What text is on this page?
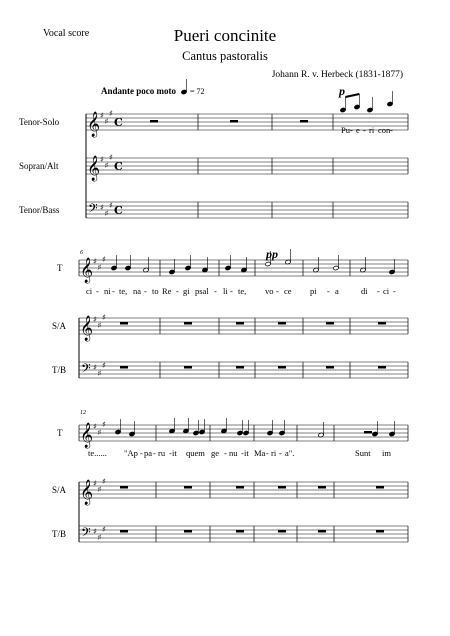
Vocal score	Pueri concinite
Cantus pastoralis
Johann R. v. Herbeck (1831-1877)
Andante poco moto = 72
Tenor-Solo
Sopran/Alt
Tenor/Bass
6
T
S/A
T/B
12
T
S/A
T/B
p
pp
Pu - e - ri con -
ci - ni - te, na - to Re - gi psal - li - te, vo - ce pi - a	di - ci -
te...... "Ap - pa - ru - it quem ge - nu - it Ma - ri - a".	Sunt im
𝄞 ♯
♯
♯
C
𝄞 ♯
♯
♯
C
𝄢 ♯
♯
♯ C
𝄞 ♯
♯
♯
𝄞 ♯
♯
♯
𝄢 ♯
♯
♯
𝄞 ♯
♯
♯
𝄞 ♯
♯
♯
𝄢 ♯
♯
♯
